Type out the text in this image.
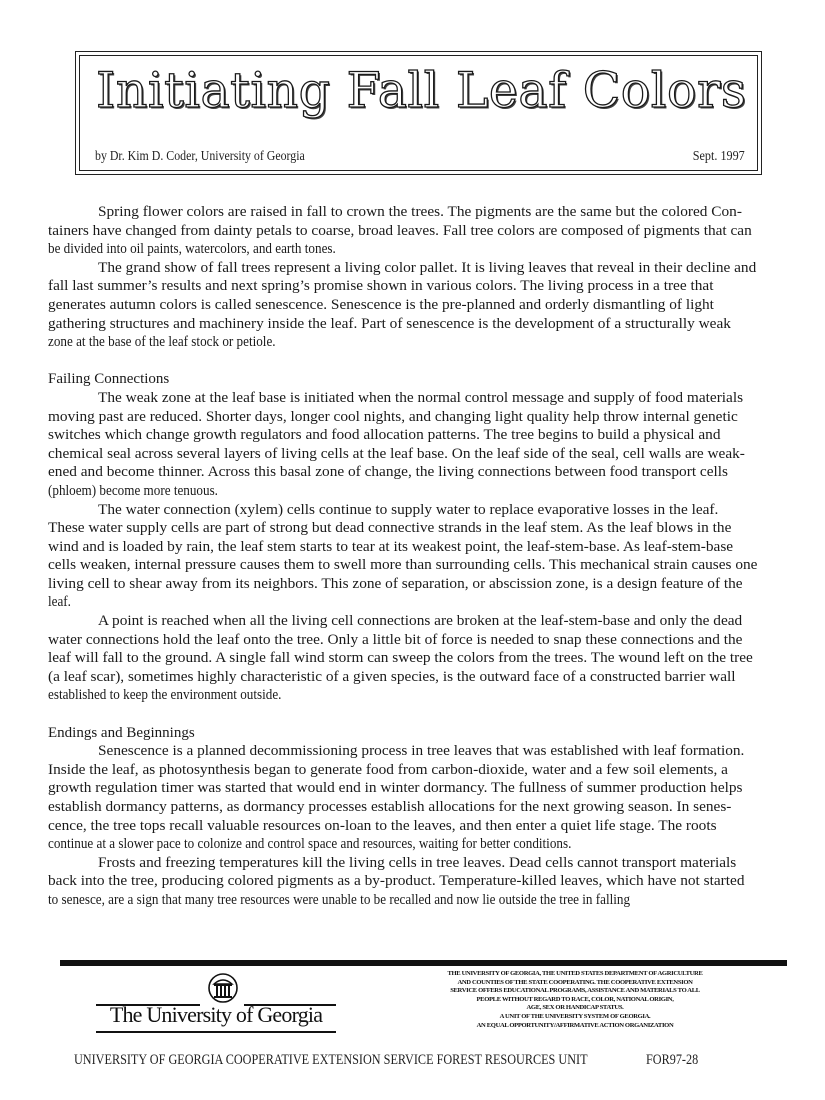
Initiating Fall Leaf Colors
by Dr. Kim D. Coder, University of Georgia	Sept. 1997
Spring flower colors are raised in fall to crown the trees. The pigments are the same but the colored Con-
tainers have changed from dainty petals to coarse, broad leaves. Fall tree colors are composed of pigments that can
be divided into oil paints, watercolors, and earth tones.
The grand show of fall trees represent a living color pallet. It is living leaves that reveal in their decline and
fall last summer’s results and next spring’s promise shown in various colors. The living process in a tree that
generates autumn colors is called senescence. Senescence is the pre-planned and orderly dismantling of light
gathering structures and machinery inside the leaf. Part of senescence is the development of a structurally weak
zone at the base of the leaf stock or petiole.
Failing Connections
The weak zone at the leaf base is initiated when the normal control message and supply of food materials
moving past are reduced. Shorter days, longer cool nights, and changing light quality help throw internal genetic
switches which change growth regulators and food allocation patterns. The tree begins to build a physical and
chemical seal across several layers of living cells at the leaf base. On the leaf side of the seal, cell walls are weak-
ened and become thinner. Across this basal zone of change, the living connections between food transport cells
(phloem) become more tenuous.
The water connection (xylem) cells continue to supply water to replace evaporative losses in the leaf.
These water supply cells are part of strong but dead connective strands in the leaf stem. As the leaf blows in the
wind and is loaded by rain, the leaf stem starts to tear at its weakest point, the leaf-stem-base. As leaf-stem-base
cells weaken, internal pressure causes them to swell more than surrounding cells. This mechanical strain causes one
living cell to shear away from its neighbors. This zone of separation, or abscission zone, is a design feature of the
leaf.
A point is reached when all the living cell connections are broken at the leaf-stem-base and only the dead
water connections hold the leaf onto the tree. Only a little bit of force is needed to snap these connections and the
leaf will fall to the ground. A single fall wind storm can sweep the colors from the trees. The wound left on the tree
(a leaf scar), sometimes highly characteristic of a given species, is the outward face of a constructed barrier wall
established to keep the environment outside.
Endings and Beginnings
Senescence is a planned decommissioning process in tree leaves that was established with leaf formation.
Inside the leaf, as photosynthesis began to generate food from carbon-dioxide, water and a few soil elements, a
growth regulation timer was started that would end in winter dormancy. The fullness of summer production helps
establish dormancy patterns, as dormancy processes establish allocations for the next growing season. In senes-
cence, the tree tops recall valuable resources on-loan to the leaves, and then enter a quiet life stage. The roots
continue at a slower pace to colonize and control space and resources, waiting for better conditions.
Frosts and freezing temperatures kill the living cells in tree leaves. Dead cells cannot transport materials
back into the tree, producing colored pigments as a by-product. Temperature-killed leaves, which have not started
to senesce, are a sign that many tree resources were unable to be recalled and now lie outside the tree in falling
The University of Georgia
THE UNIVERSITY OF GEORGIA, THE UNITED STATES DEPARTMENT OF AGRICULTURE
AND COUNTIES OF THE STATE COOPERATING. THE COOPERATIVE EXTENSION
SERVICE OFFERS EDUCATIONAL PROGRAMS, ASSISTANCE AND MATERIALS TO ALL
PEOPLE WITHOUT REGARD TO RACE, COLOR, NATIONAL ORIGIN,
AGE, SEX OR HANDICAP STATUS.
A UNIT OF THE UNIVERSITY SYSTEM OF GEORGIA.
AN EQUAL OPPORTUNITY/AFFIRMATIVE ACTION ORGANIZATION
UNIVERSITY OF GEORGIA COOPERATIVE EXTENSION SERVICE FOREST RESOURCES UNIT	FOR97-28
